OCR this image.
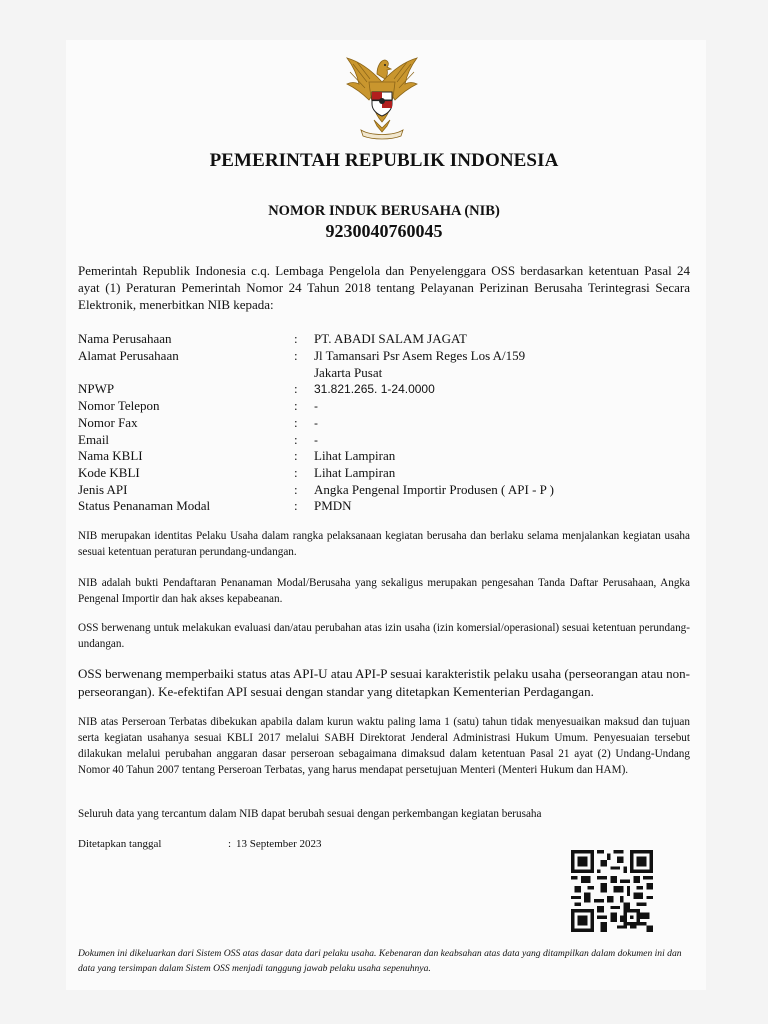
PEMERINTAH REPUBLIK INDONESIA
NOMOR INDUK BERUSAHA (NIB)
9230040760045
Pemerintah Republik Indonesia c.q. Lembaga Pengelola dan Penyelenggara OSS berdasarkan ketentuan Pasal 24 ayat (1) Peraturan Pemerintah Nomor 24 Tahun 2018 tentang Pelayanan Perizinan Berusaha Terintegrasi Secara Elektronik, menerbitkan NIB kepada:
Nama Perusahaan	:	PT. ABADI SALAM JAGAT
Alamat Perusahaan	:	Jl Tamansari Psr Asem Reges Los A/159
Jakarta Pusat
NPWP	:	31.821.265. 1-24.0000
Nomor Telepon	:	-
Nomor Fax	:	-
Email	:	-
Nama KBLI	:	Lihat Lampiran
Kode KBLI	:	Lihat Lampiran
Jenis API	:	Angka Pengenal Importir Produsen ( API - P )
Status Penanaman Modal	:	PMDN
NIB merupakan identitas Pelaku Usaha dalam rangka pelaksanaan kegiatan berusaha dan berlaku selama menjalankan kegiatan usaha sesuai ketentuan peraturan perundang-undangan.
NIB adalah bukti Pendaftaran Penanaman Modal/Berusaha yang sekaligus merupakan pengesahan Tanda Daftar Perusahaan, Angka Pengenal Importir dan hak akses kepabeanan.
OSS berwenang untuk melakukan evaluasi dan/atau perubahan atas izin usaha (izin komersial/operasional) sesuai ketentuan perundang-undangan.
OSS berwenang memperbaiki status atas API-U atau API-P sesuai karakteristik pelaku usaha (perseorangan atau non-perseorangan). Ke-efektifan API sesuai dengan standar yang ditetapkan Kementerian Perdagangan.
NIB atas Perseroan Terbatas dibekukan apabila dalam kurun waktu paling lama 1 (satu) tahun tidak menyesuaikan maksud dan tujuan serta kegiatan usahanya sesuai KBLI 2017 melalui SABH Direktorat Jenderal Administrasi Hukum Umum. Penyesuaian tersebut dilakukan melalui perubahan anggaran dasar perseroan sebagaimana dimaksud dalam ketentuan Pasal 21 ayat (2) Undang-Undang Nomor 40 Tahun 2007 tentang Perseroan Terbatas, yang harus mendapat persetujuan Menteri (Menteri Hukum dan HAM).
Seluruh data yang tercantum dalam NIB dapat berubah sesuai dengan perkembangan kegiatan berusaha
Ditetapkan tanggal	: 13 September 2023
Dokumen ini dikeluarkan dari Sistem OSS atas dasar data dari pelaku usaha. Kebenaran dan keabsahan atas data yang ditampilkan dalam dokumen ini dan data yang tersimpan dalam Sistem OSS menjadi tanggung jawab pelaku usaha sepenuhnya.
